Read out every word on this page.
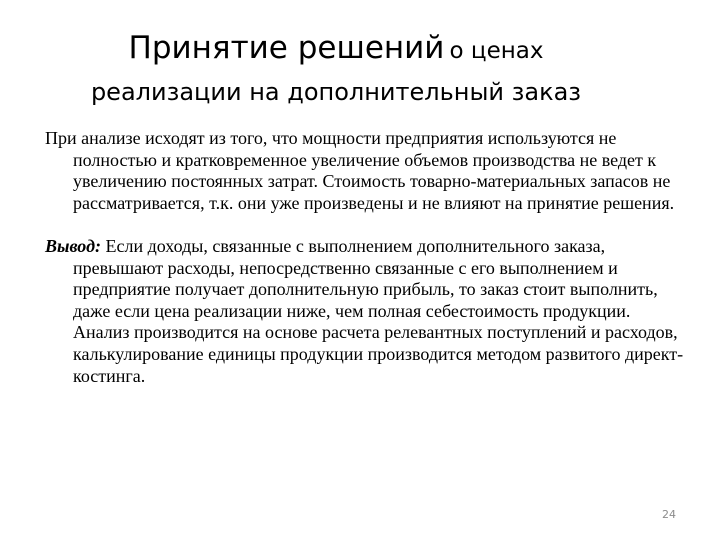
Принятие решений о ценах
реализации на дополнительный заказ

При анализе исходят из того, что мощности предприятия используются не полностью и кратковременное увеличение объемов производства не ведет к увеличению постоянных затрат. Стоимость товарно-материальных запасов не рассматривается, т.к. они уже произведены и не влияют на принятие решения.

Вывод: Если доходы, связанные с выполнением дополнительного заказа, превышают расходы, непосредственно связанные с его выполнением и предприятие получает дополнительную прибыль, то заказ стоит выполнить, даже если цена реализации ниже, чем полная себестоимость продукции. Анализ производится на основе расчета релевантных поступлений и расходов, калькулирование единицы продукции производится методом развитого директ-костинга.

24
